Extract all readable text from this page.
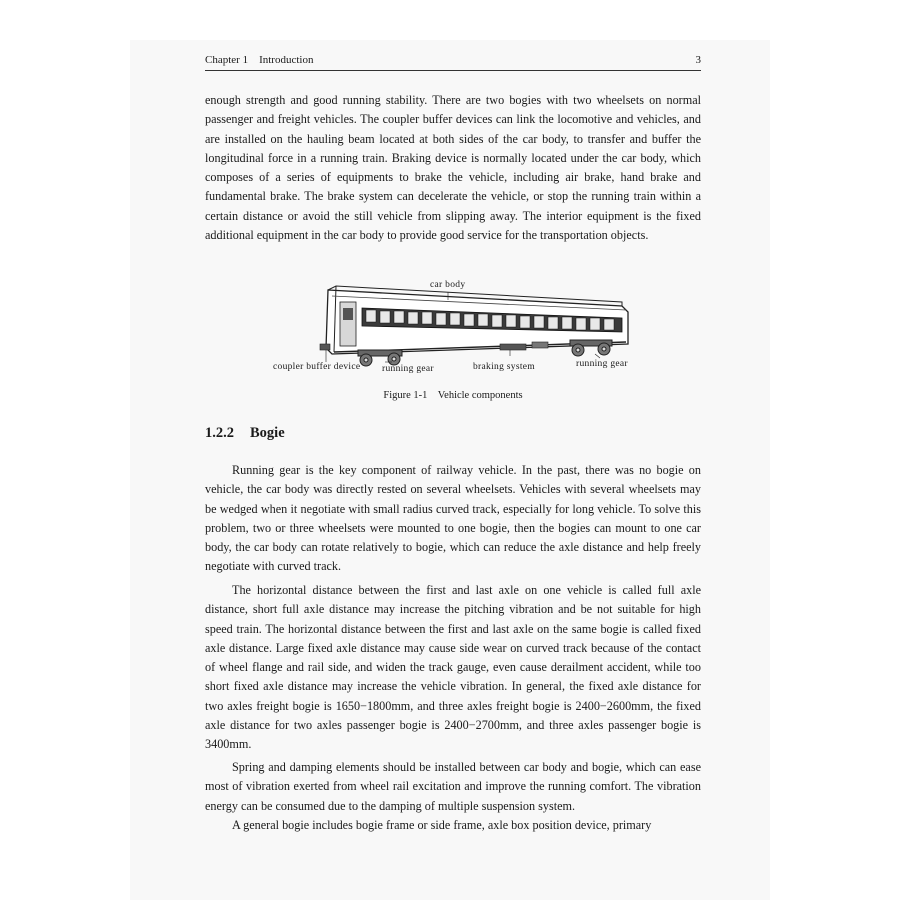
Chapter 1    Introduction	3

enough strength and good running stability. There are two bogies with two wheelsets on normal passenger and freight vehicles. The coupler buffer devices can link the locomotive and vehicles, and are installed on the hauling beam located at both sides of the car body, to transfer and buffer the longitudinal force in a running train. Braking device is normally located under the car body, which composes of a series of equipments to brake the vehicle, including air brake, hand brake and fundamental brake. The brake system can decelerate the vehicle, or stop the running train within a certain distance or avoid the still vehicle from slipping away. The interior equipment is the fixed additional equipment in the car body to provide good service for the transportation objects.

car body
coupler buffer device running gear	braking system	running gear
Figure 1-1    Vehicle components
1.2.2 Bogie

Running gear is the key component of railway vehicle. In the past, there was no bogie on vehicle, the car body was directly rested on several wheelsets. Vehicles with several wheelsets may be wedged when it negotiate with small radius curved track, especially for long vehicle. To solve this problem, two or three wheelsets were mounted to one bogie, then the bogies can mount to one car body, the car body can rotate relatively to bogie, which can reduce the axle distance and help freely negotiate with curved track.

The horizontal distance between the first and last axle on one vehicle is called full axle distance, short full axle distance may increase the pitching vibration and be not suitable for high speed train. The horizontal distance between the first and last axle on the same bogie is called fixed axle distance. Large fixed axle distance may cause side wear on curved track because of the contact of wheel flange and rail side, and widen the track gauge, even cause derailment accident, while too short fixed axle distance may increase the vehicle vibration. In general, the fixed axle distance for two axles freight bogie is 1650−1800mm, and three axles freight bogie is 2400−2600mm, the fixed axle distance for two axles passenger bogie is 2400−2700mm, and three axles passenger bogie is 3400mm.

Spring and damping elements should be installed between car body and bogie, which can ease most of vibration exerted from wheel rail excitation and improve the running comfort. The vibration energy can be consumed due to the damping of multiple suspension system.

A general bogie includes bogie frame or side frame, axle box position device, primary
